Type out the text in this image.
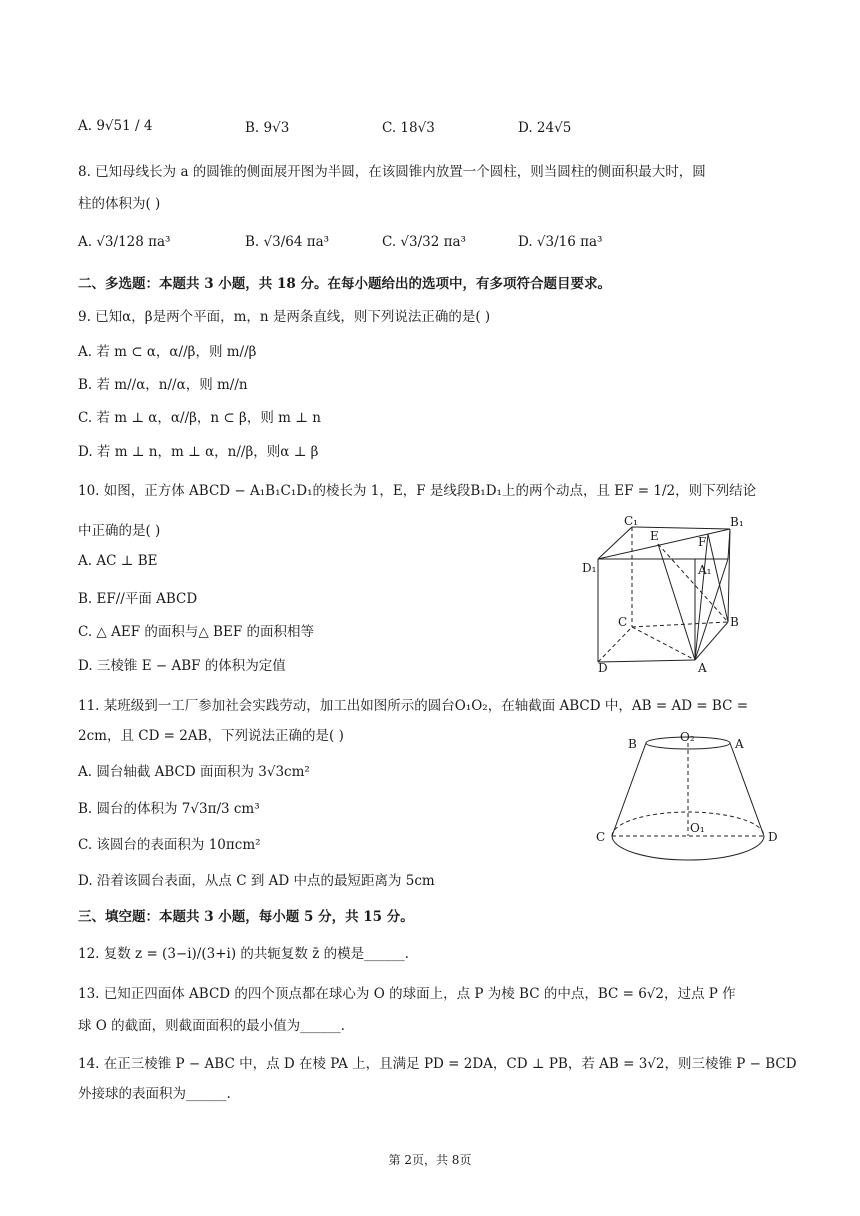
A. 9√51 / 4	B. 9√3	C. 18√3	D. 24√5
8. 已知母线长为 a 的圆锥的侧面展开图为半圆，在该圆锥内放置一个圆柱，则当圆柱的侧面积最大时，圆
柱的体积为( )
A. √3/128 πa³	B. √3/64 πa³	C. √3/32 πa³	D. √3/16 πa³
二、多选题：本题共 3 小题，共 18 分。在每小题给出的选项中，有多项符合题目要求。
9. 已知α，β是两个平面，m，n 是两条直线，则下列说法正确的是( )
A. 若 m ⊂ α，α//β，则 m//β
B. 若 m//α，n//α，则 m//n
C. 若 m ⊥ α，α//β，n ⊂ β，则 m ⊥ n
D. 若 m ⊥ n，m ⊥ α，n//β，则α ⊥ β
10. 如图，正方体 ABCD − A₁B₁C₁D₁的棱长为 1，E，F 是线段B₁D₁上的两个动点，且 EF = 1/2，则下列结论
中正确的是( )
A. AC ⊥ BE
B. EF//平面 ABCD
C. △ AEF 的面积与△ BEF 的面积相等
D. 三棱锥 E − ABF 的体积为定值
C₁	B₁
D₁	A₁
E	F
C	B
D	A
11. 某班级到一工厂参加社会实践劳动，加工出如图所示的圆台O₁O₂，在轴截面 ABCD 中，AB = AD = BC =
2cm，且 CD = 2AB，下列说法正确的是( )
A. 圆台轴截 ABCD 面面积为 3√3cm²
B. 圆台的体积为 7√3π/3 cm³
C. 该圆台的表面积为 10πcm²
D. 沿着该圆台表面，从点 C 到 AD 中点的最短距离为 5cm
B	O₂	A
O₁
C	D
三、填空题：本题共 3 小题，每小题 5 分，共 15 分。
12. 复数 z = (3−i)/(3+i) 的共轭复数 z̄ 的模是______.
13. 已知正四面体 ABCD 的四个顶点都在球心为 O 的球面上，点 P 为棱 BC 的中点，BC = 6√2，过点 P 作
球 O 的截面，则截面面积的最小值为______.
14. 在正三棱锥 P − ABC 中，点 D 在棱 PA 上，且满足 PD = 2DA，CD ⊥ PB，若 AB = 3√2，则三棱锥 P − BCD
外接球的表面积为______.
第 2页，共 8页
